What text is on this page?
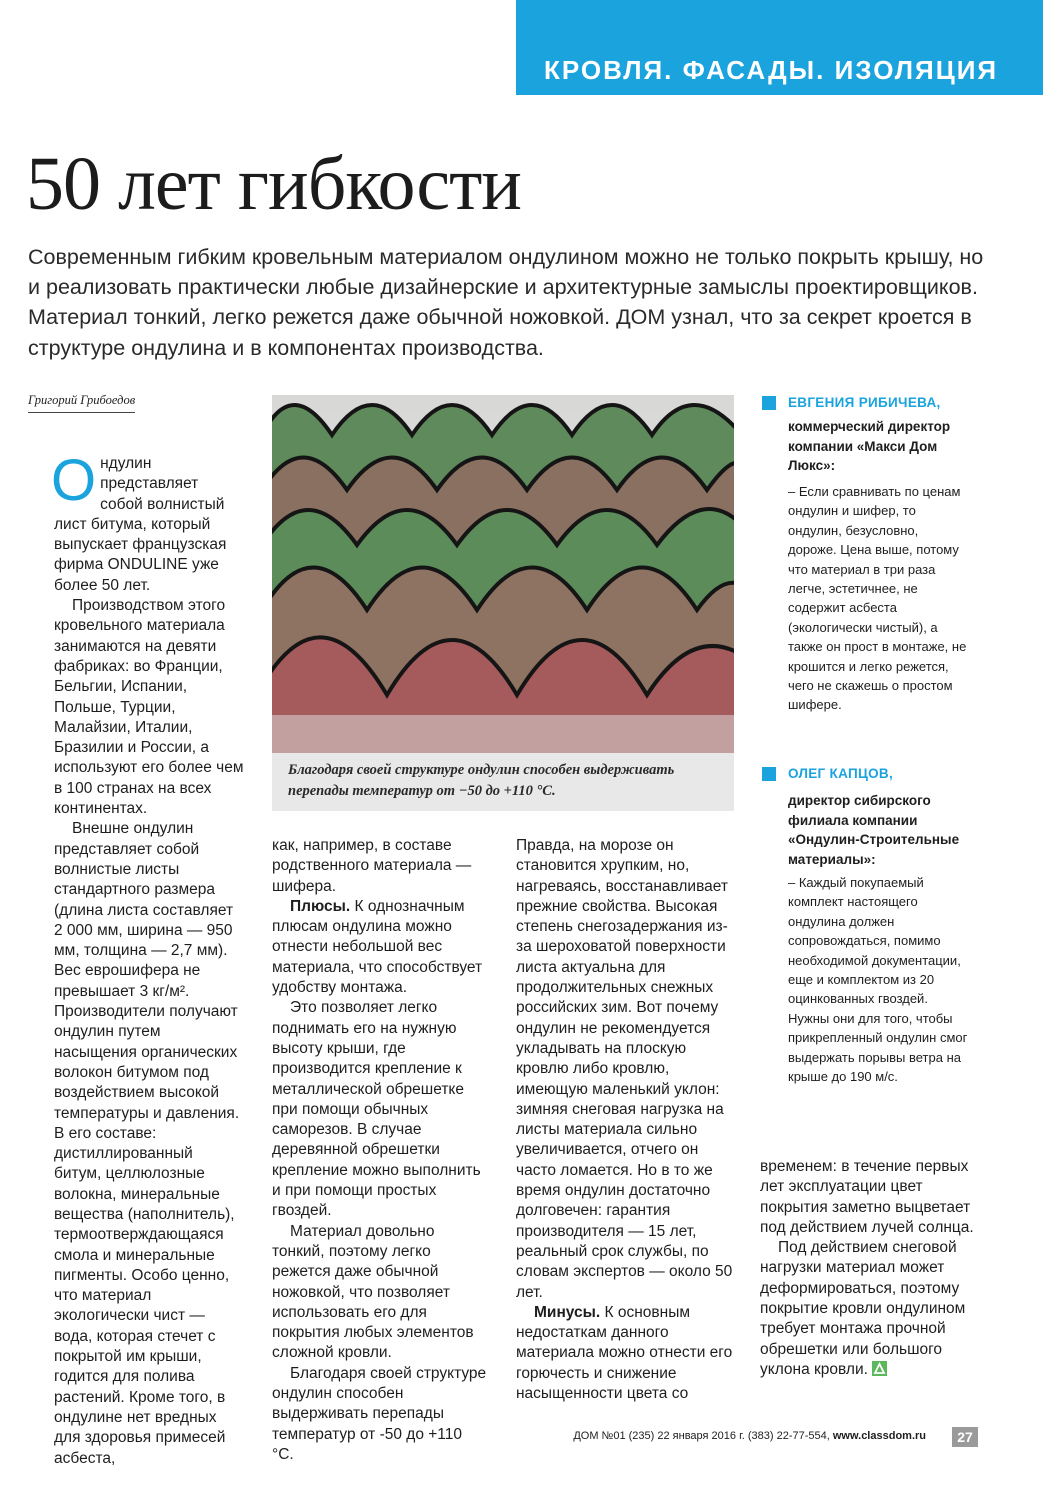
КРОВЛЯ. ФАСАДЫ. ИЗОЛЯЦИЯ
50 лет гибкости

Современным гибким кровельным материалом ондулином можно не только покрыть крышу, но и реализовать практически любые дизайнерские и архитектурные замыслы проектировщиков. Материал тонкий, легко режется даже обычной ножовкой. ДОМ узнал, что за секрет кроется в структуре ондулина и в компонентах производства.

Григорий Грибоедов

Ондулин представляет собой волнистый лист битума, который выпускает французская фирма ONDULINE уже более 50 лет.

Производством этого кровельного материала занимаются на девяти фабриках: во Франции, Бельгии, Испании, Польше, Турции, Малайзии, Италии, Бразилии и России, а используют его более чем в 100 странах на всех континентах.

Внешне ондулин представляет собой волнистые листы стандартного размера (длина листа составляет 2 000 мм, ширина — 950 мм, толщина — 2,7 мм). Вес еврошифера не превышает 3 кг/м². Производители получают ондулин путем насыщения органических волокон битумом под воздействием высокой температуры и давления. В его составе: дистиллированный битум, целлюлозные волокна, минеральные вещества (наполнитель), термоотверждающаяся смола и минеральные пигменты. Особо ценно, что материал экологически чист — вода, которая стечет с покрытой им крыши, годится для полива растений. Кроме того, в ондулине нет вредных для здоровья примесей асбеста,

Благодаря своей структуре ондулин способен выдерживать перепады температур от −50 до +110 °С.

как, например, в составе родственного материала — шифера.

Плюсы. К однозначным плюсам ондулина можно отнести небольшой вес материала, что способствует удобству монтажа.

Это позволяет легко поднимать его на нужную высоту крыши, где производится крепление к металлической обрешетке при помощи обычных саморезов. В случае деревянной обрешетки крепление можно выполнить и при помощи простых гвоздей.

Материал довольно тонкий, поэтому легко режется даже обычной ножовкой, что позволяет использовать его для покрытия любых элементов сложной кровли.

Благодаря своей структуре ондулин способен выдерживать перепады температур от -50 до +110 °C.

Правда, на морозе он становится хрупким, но, нагреваясь, восстанавливает прежние свойства. Высокая степень снегозадержания из-за шероховатой поверхности листа актуальна для продолжительных снежных российских зим. Вот почему ондулин не рекомендуется укладывать на плоскую кровлю либо кровлю, имеющую маленький уклон: зимняя снеговая нагрузка на листы материала сильно увеличивается, отчего он часто ломается. Но в то же время ондулин достаточно долговечен: гарантия производителя — 15 лет, реальный срок службы, по словам экспертов — около 50 лет.

Минусы. К основным недостаткам данного материала можно отнести его горючесть и снижение насыщенности цвета со

временем: в течение первых лет эксплуатации цвет покрытия заметно выцветает под действием лучей солнца.

Под действием снеговой нагрузки материал может деформироваться, поэтому покрытие кровли ондулином требует монтажа прочной обрешетки или большого уклона кровли.

ЕВГЕНИЯ РИБИЧЕВА,
коммерческий директор компании «Макси Дом Люкс»:
– Если сравнивать по ценам ондулин и шифер, то ондулин, безусловно, дороже. Цена выше, потому что материал в три раза легче, эстетичнее, не содержит асбеста (экологически чистый), а также он прост в монтаже, не крошится и легко режется, чего не скажешь о простом шифере.
ОЛЕГ КАПЦОВ,
директор сибирского филиала компании «Ондулин-Строительные материалы»:
– Каждый покупаемый комплект настоящего ондулина должен сопровождаться, помимо необходимой документации, еще и комплектом из 20 оцинкованных гвоздей. Нужны они для того, чтобы прикрепленный ондулин смог выдержать порывы ветра на крыше до 190 м/с.
ДОМ №01 (235) 22 января 2016 г. (383) 22-77-554, www.classdom.ru	27
